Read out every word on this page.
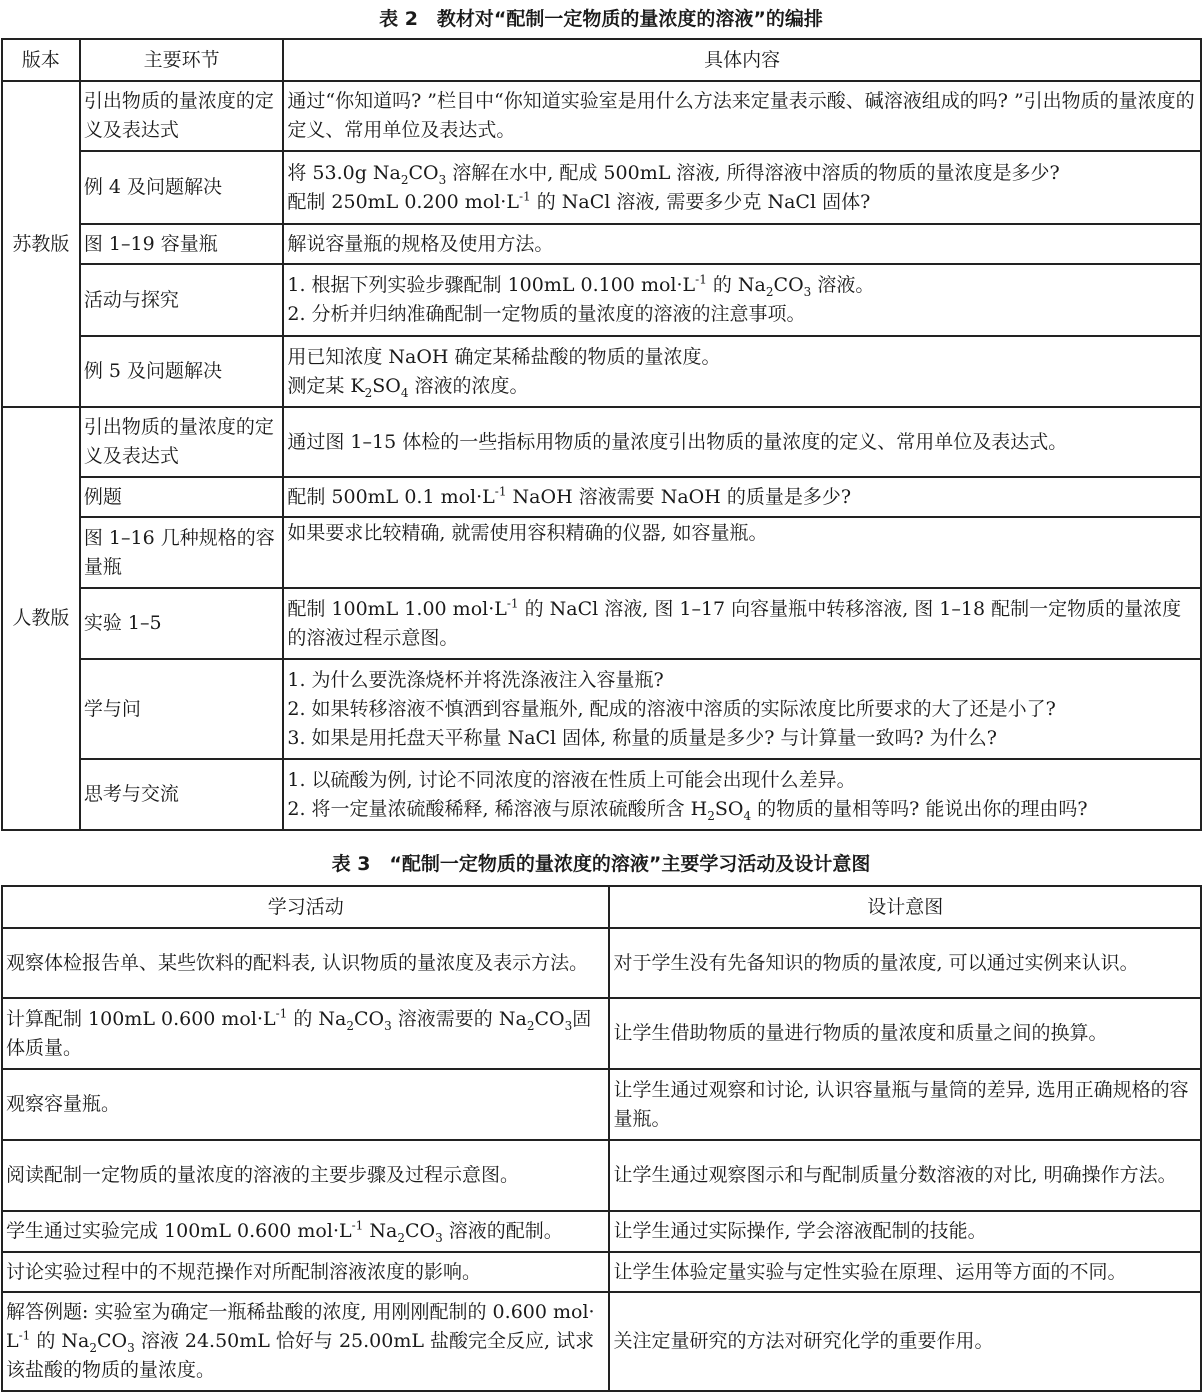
表 2　教材对“配制一定物质的量浓度的溶液”的编排
版本	主要环节	具体内容
苏教版	引出物质的量浓度的定义及表达式	通过“你知道吗? ”栏目中“你知道实验室是用什么方法来定量表示酸、碱溶液组成的吗? ”引出物质的量浓度的定义、常用单位及表达式。
	例 4 及问题解决	将 53.0g $Na_2CO_3$ 溶解在水中, 配成 500mL 溶液, 所得溶液中溶质的物质的量浓度是多少?
配制 250mL 0.200 $mol\cdot L^{-1}$ 的 NaCl 溶液, 需要多少克 NaCl 固体?

	图 1–19 容量瓶	解说容量瓶的规格及使用方法。
	活动与探究	1. 根据下列实验步骤配制 100mL 0.100 $mol\cdot L^{-1}$ 的 $Na_2CO_3$ 溶液。
2. 分析并归纳准确配制一定物质的量浓度的溶液的注意事项。

	例 5 及问题解决	用已知浓度 NaOH 确定某稀盐酸的物质的量浓度。
测定某 $K_2SO_4$ 溶液的浓度。

人教版	引出物质的量浓度的定义及表达式	通过图 1–15 体检的一些指标用物质的量浓度引出物质的量浓度的定义、常用单位及表达式。
	例题	配制 500mL 0.1 $mol\cdot L^{-1}$ NaOH 溶液需要 NaOH 的质量是多少?
	图 1–16 几种规格的容量瓶	如果要求比较精确, 就需使用容积精确的仪器, 如容量瓶。
	实验 1–5	配制 100mL 1.00 $mol\cdot L^{-1}$ 的 NaCl 溶液, 图 1–17 向容量瓶中转移溶液, 图 1–18 配制一定物质的量浓度的溶液过程示意图。
	学与问	1. 为什么要洗涤烧杯并将洗涤液注入容量瓶?
2. 如果转移溶液不慎洒到容量瓶外, 配成的溶液中溶质的实际浓度比所要求的大了还是小了?
3. 如果是用托盘天平称量 NaCl 固体, 称量的质量是多少? 与计算量一致吗? 为什么?

	思考与交流	1. 以硫酸为例, 讨论不同浓度的溶液在性质上可能会出现什么差异。
2. 将一定量浓硫酸稀释, 稀溶液与原浓硫酸所含 $H_2SO_4$ 的物质的量相等吗? 能说出你的理由吗?
表 3　“配制一定物质的量浓度的溶液”主要学习活动及设计意图
学习活动	设计意图
观察体检报告单、某些饮料的配料表, 认识物质的量浓度及表示方法。	对于学生没有先备知识的物质的量浓度, 可以通过实例来认识。
计算配制 100mL 0.600 $mol\cdot L^{-1}$ 的 $Na_2CO_3$ 溶液需要的 $Na_2CO_3$固体质量。	让学生借助物质的量进行物质的量浓度和质量之间的换算。
观察容量瓶。	让学生通过观察和讨论, 认识容量瓶与量筒的差异, 选用正确规格的容量瓶。
阅读配制一定物质的量浓度的溶液的主要步骤及过程示意图。	让学生通过观察图示和与配制质量分数溶液的对比, 明确操作方法。
学生通过实验完成 100mL 0.600 $mol\cdot L^{-1}$ $Na_2CO_3$ 溶液的配制。	让学生通过实际操作, 学会溶液配制的技能。
讨论实验过程中的不规范操作对所配制溶液浓度的影响。	让学生体验定量实验与定性实验在原理、运用等方面的不同。
解答例题: 实验室为确定一瓶稀盐酸的浓度, 用刚刚配制的 0.600 $mol\cdot L^{-1}$ 的 $Na_2CO_3$ 溶液 24.50mL 恰好与 25.00mL 盐酸完全反应, 试求该盐酸的物质的量浓度。	关注定量研究的方法对研究化学的重要作用。
